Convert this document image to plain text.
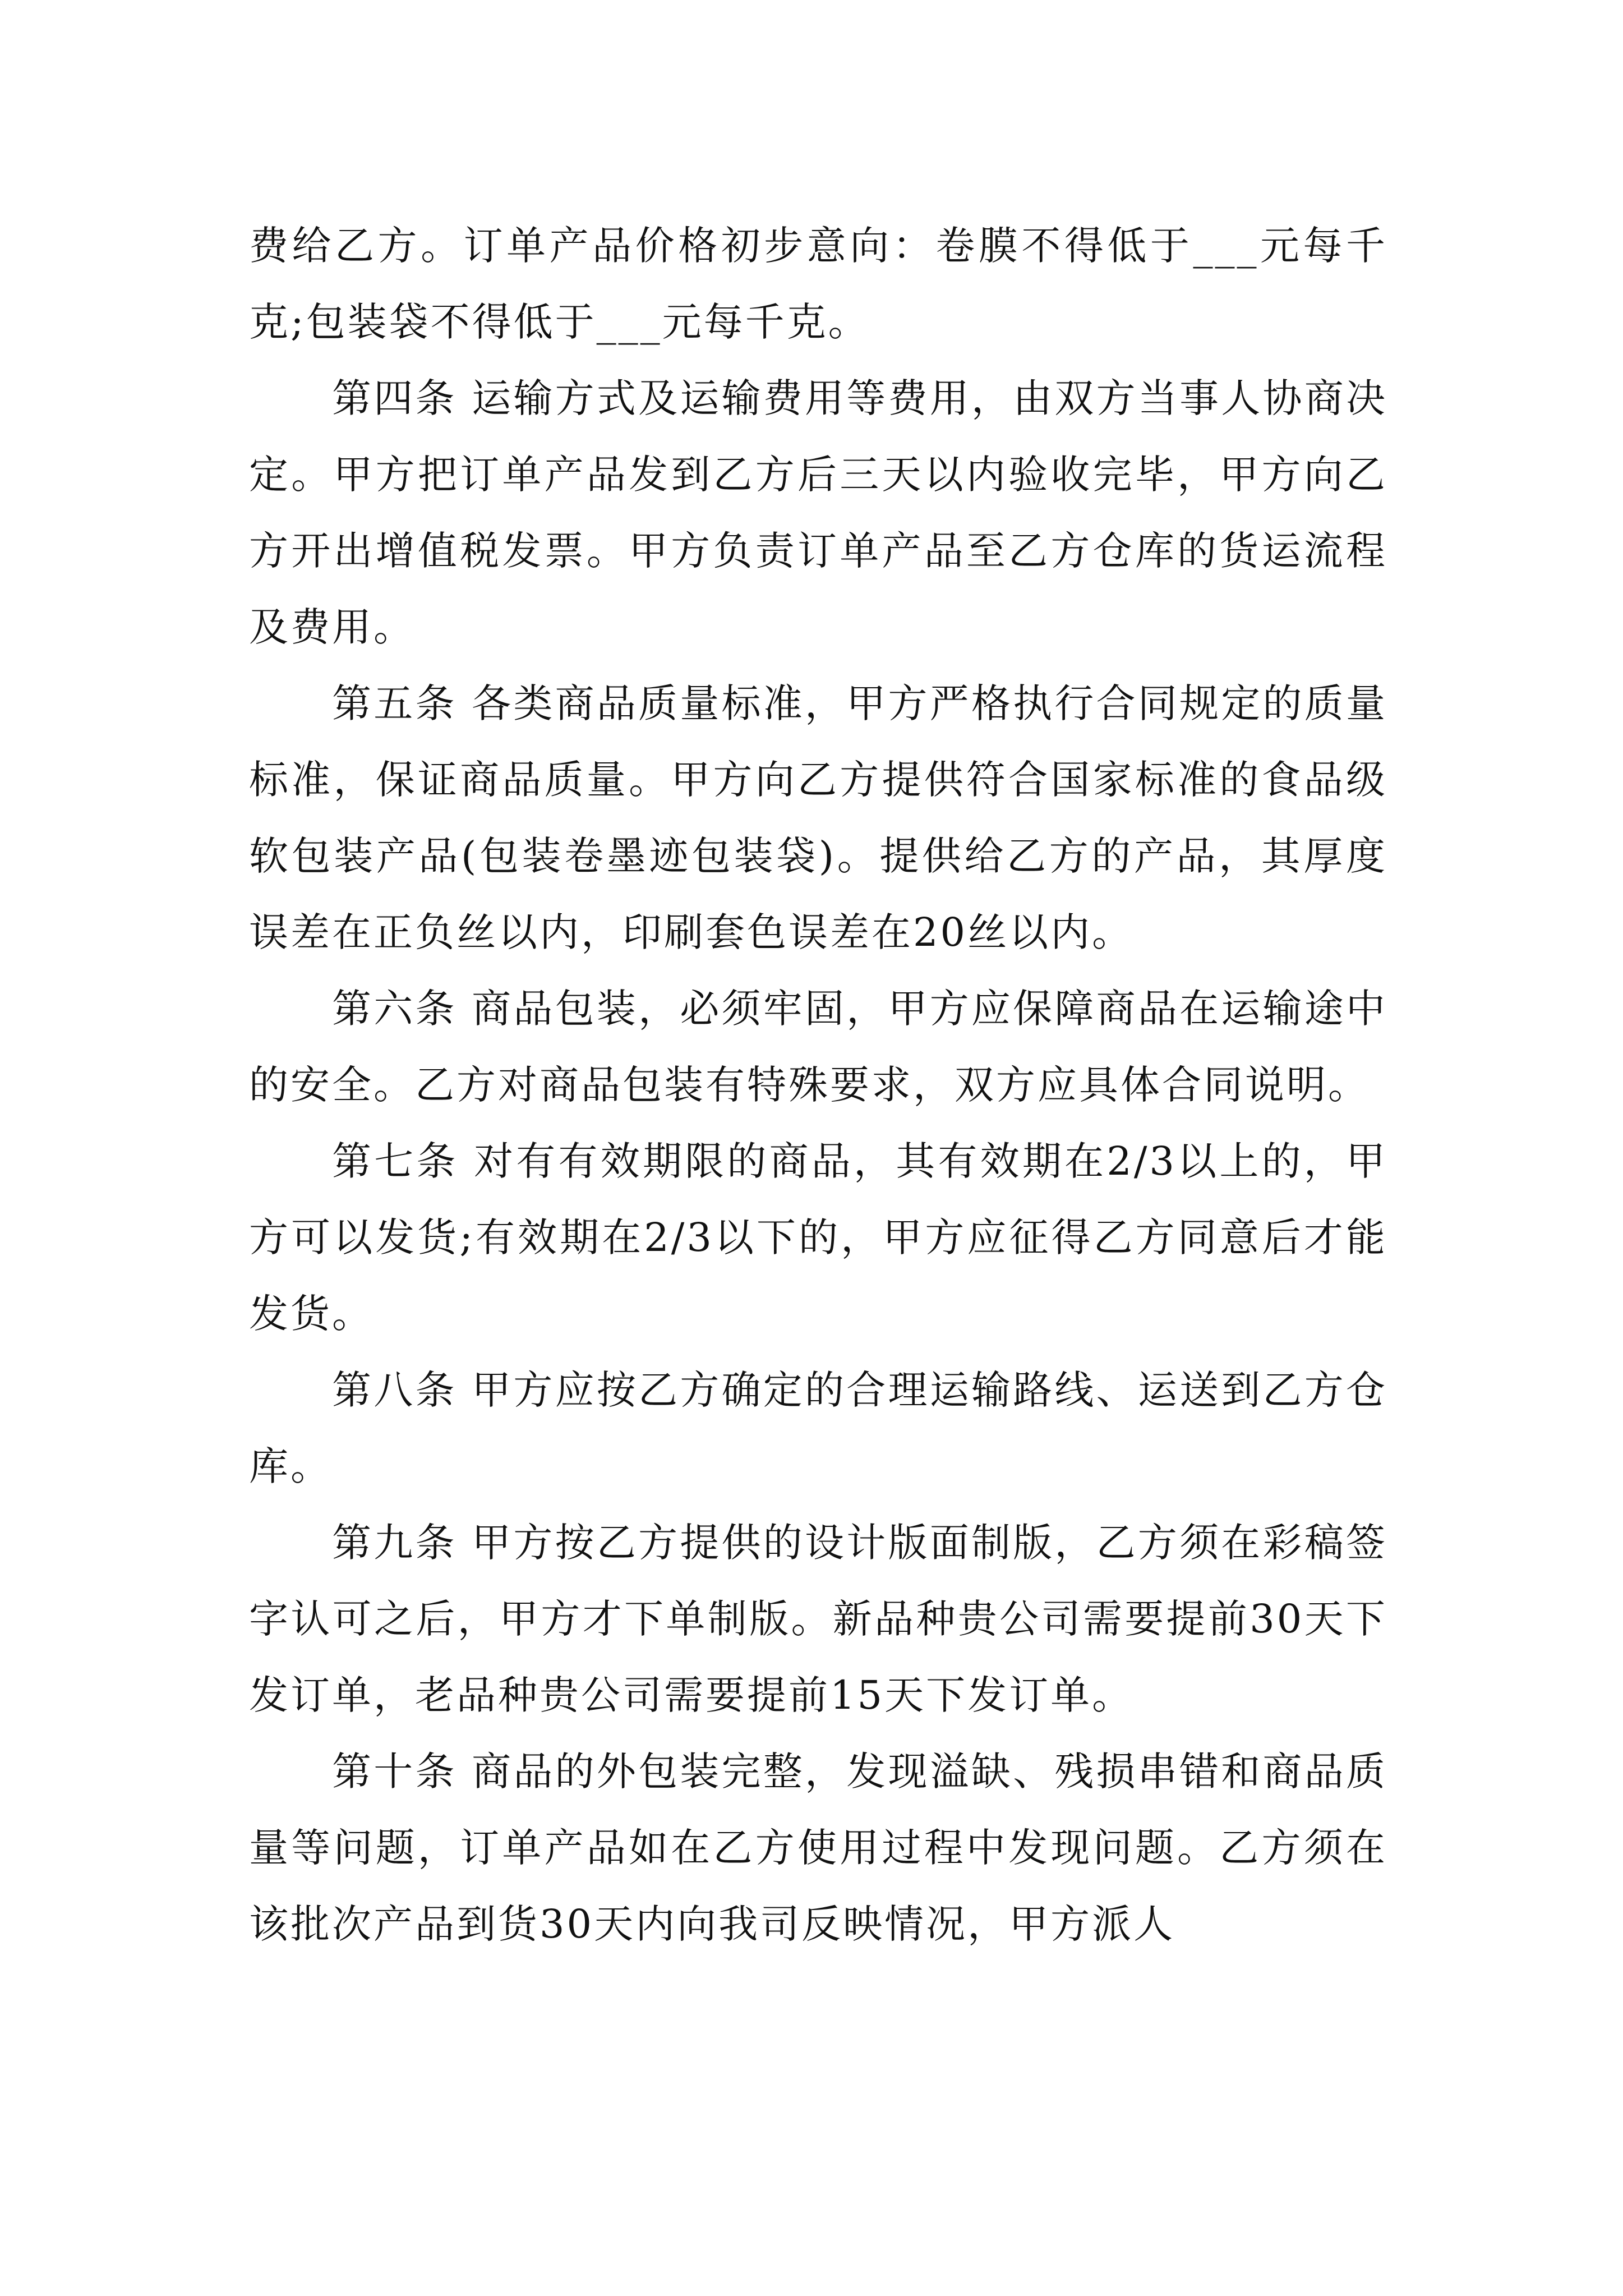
费给乙方。订单产品价格初步意向：卷膜不得低于___元每千克;包装袋不得低于___元每千克。

第四条 运输方式及运输费用等费用，由双方当事人协商决定。甲方把订单产品发到乙方后三天以内验收完毕，甲方向乙方开出增值税发票。甲方负责订单产品至乙方仓库的货运流程及费用。

第五条 各类商品质量标准，甲方严格执行合同规定的质量标准，保证商品质量。甲方向乙方提供符合国家标准的食品级软包装产品(包装卷墨迹包装袋)。提供给乙方的产品，其厚度误差在正负丝以内，印刷套色误差在20丝以内。

第六条 商品包装，必须牢固，甲方应保障商品在运输途中的安全。乙方对商品包装有特殊要求，双方应具体合同说明。

第七条 对有有效期限的商品，其有效期在2/3以上的，甲方可以发货;有效期在2/3以下的，甲方应征得乙方同意后才能发货。

第八条 甲方应按乙方确定的合理运输路线、运送到乙方仓库。

第九条 甲方按乙方提供的设计版面制版，乙方须在彩稿签字认可之后，甲方才下单制版。新品种贵公司需要提前30天下发订单，老品种贵公司需要提前15天下发订单。

第十条 商品的外包装完整，发现溢缺、残损串错和商品质量等问题，订单产品如在乙方使用过程中发现问题。乙方须在该批次产品到货30天内向我司反映情况，甲方派人
